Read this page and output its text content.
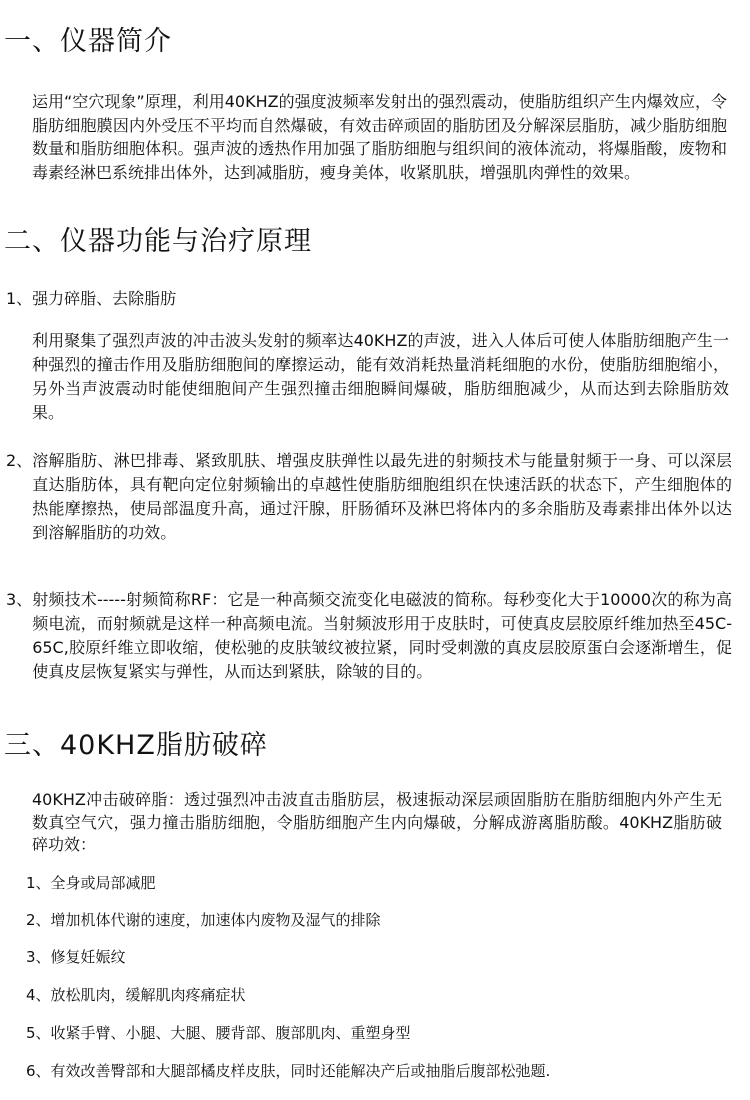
一、仪器简介

运用“空穴现象”原理，利用40KHZ的强度波频率发射出的强烈震动，使脂肪组织产生内爆效应，令脂肪细胞膜因内外受压不平均而自然爆破，有效击碎顽固的脂肪团及分解深层脂肪，减少脂肪细胞数量和脂肪细胞体积。强声波的透热作用加强了脂肪细胞与组织间的液体流动，将爆脂酸，废物和毒素经淋巴系统排出体外，达到减脂肪，瘦身美体，收紧肌肤，增强肌肉弹性的效果。

二、仪器功能与治疗原理

1、强力碎脂、去除脂肪

利用聚集了强烈声波的冲击波头发射的频率达40KHZ的声波，进入人体后可使人体脂肪细胞产生一种强烈的撞击作用及脂肪细胞间的摩擦运动，能有效消耗热量消耗细胞的水份，使脂肪细胞缩小，另外当声波震动时能使细胞间产生强烈撞击细胞瞬间爆破，脂肪细胞减少，从而达到去除脂肪效果。

2、 溶解脂肪、淋巴排毒、紧致肌肤、增强皮肤弹性以最先进的射频技术与能量射频于一身、可以深层直达脂肪体，具有靶向定位射频输出的卓越性使脂肪细胞组织在快速活跃的状态下，产生细胞体的热能摩擦热，使局部温度升高，通过汗腺，肝肠循环及淋巴将体内的多余脂肪及毒素排出体外以达到溶解脂肪的功效。
3、 射频技术-----射频简称RF：它是一种高频交流变化电磁波的简称。每秒变化大于10000次的称为高频电流，而射频就是这样一种高频电流。当射频波形用于皮肤时，可使真皮层胶原纤维加热至45C-65C,胶原纤维立即收缩，使松驰的皮肤皱纹被拉紧，同时受刺激的真皮层胶原蛋白会逐渐增生，促使真皮层恢复紧实与弹性，从而达到紧肤，除皱的目的。
三、40KHZ脂肪破碎

40KHZ冲击破碎脂：透过强烈冲击波直击脂肪层，极速振动深层顽固脂肪在脂肪细胞内外产生无数真空气穴，强力撞击脂肪细胞，令脂肪细胞产生内向爆破，分解成游离脂肪酸。40KHZ脂肪破碎功效：

1、全身或局部减肥

2、增加机体代谢的速度，加速体内废物及湿气的排除

3、修复妊娠纹

4、放松肌肉，缓解肌肉疼痛症状

5、收紧手臂、小腿、大腿、腰背部、腹部肌肉、重塑身型

6、有效改善臀部和大腿部橘皮样皮肤，同时还能解决产后或抽脂后腹部松弛题.
